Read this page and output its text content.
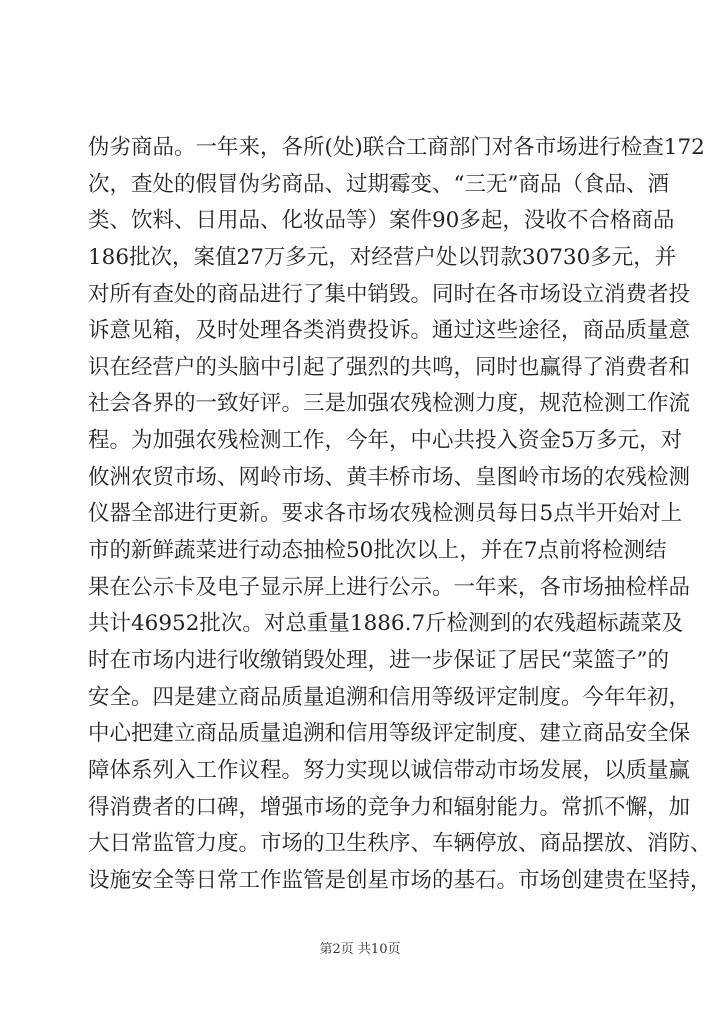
伪劣商品。一年来，各所(处)联合工商部门对各市场进行检查172
次，查处的假冒伪劣商品、过期霉变、“三无”商品（食品、酒
类、饮料、日用品、化妆品等）案件90多起，没收不合格商品
186批次，案值27万多元，对经营户处以罚款30730多元，并
对所有查处的商品进行了集中销毁。同时在各市场设立消费者投
诉意见箱，及时处理各类消费投诉。通过这些途径，商品质量意
识在经营户的头脑中引起了强烈的共鸣，同时也赢得了消费者和
社会各界的一致好评。三是加强农残检测力度，规范检测工作流
程。为加强农残检测工作，今年，中心共投入资金5万多元，对
攸洲农贸市场、网岭市场、黄丰桥市场、皇图岭市场的农残检测
仪器全部进行更新。要求各市场农残检测员每日5点半开始对上
市的新鲜蔬菜进行动态抽检50批次以上，并在7点前将检测结
果在公示卡及电子显示屏上进行公示。一年来，各市场抽检样品
共计46952批次。对总重量1886.7斤检测到的农残超标蔬菜及
时在市场内进行收缴销毁处理，进一步保证了居民“菜篮子”的
安全。四是建立商品质量追溯和信用等级评定制度。今年年初，
中心把建立商品质量追溯和信用等级评定制度、建立商品安全保
障体系列入工作议程。努力实现以诚信带动市场发展，以质量赢
得消费者的口碑，增强市场的竞争力和辐射能力。常抓不懈，加
大日常监管力度。市场的卫生秩序、车辆停放、商品摆放、消防、
设施安全等日常工作监管是创星市场的基石。市场创建贵在坚持，
第2页 共10页
